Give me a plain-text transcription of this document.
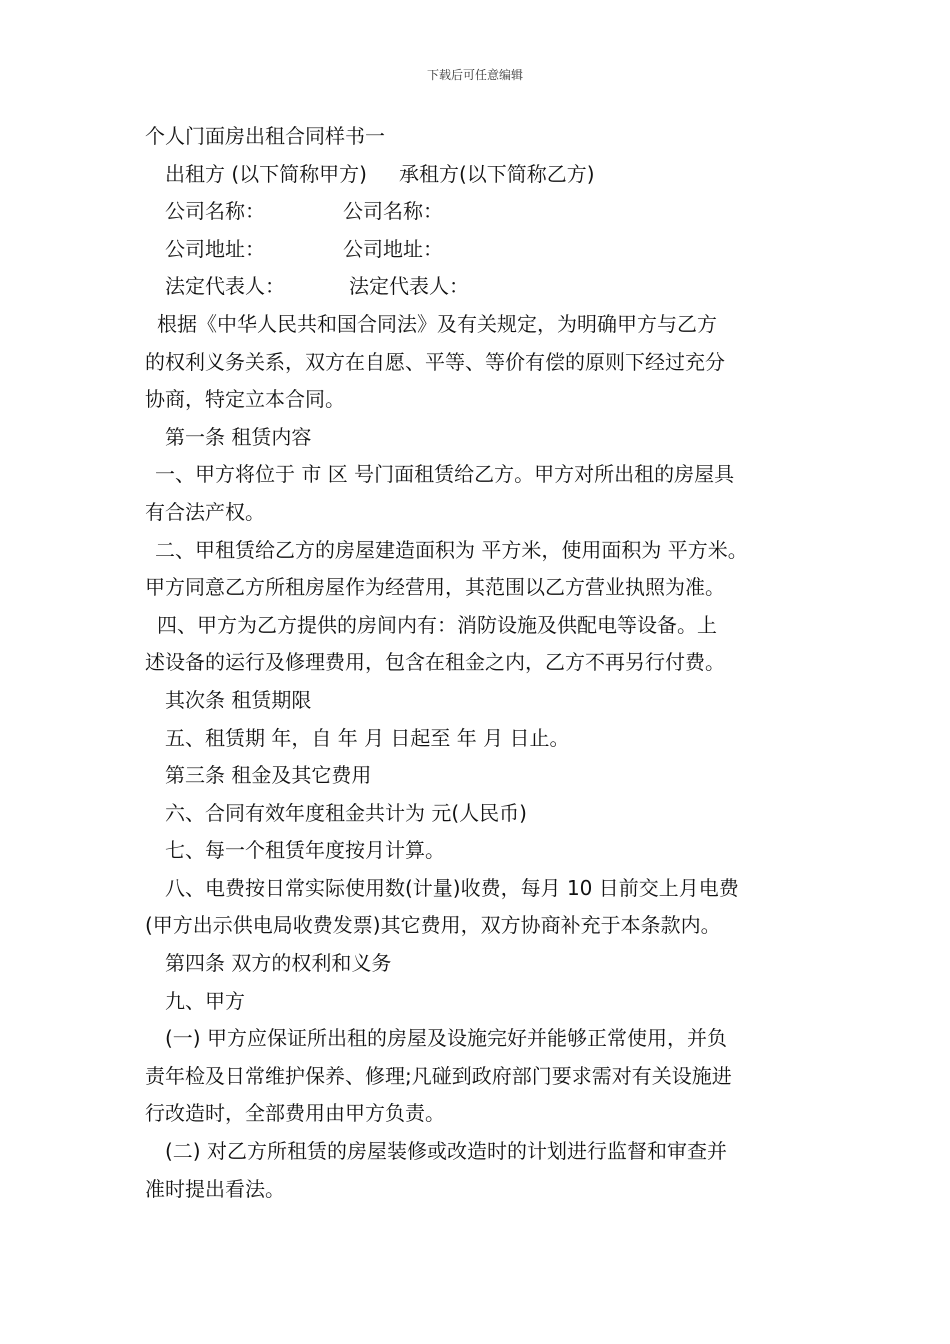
下载后可任意编辑
个人门面房出租合同样书一
出租方 (以下简称甲方) 承租方(以下简称乙方)
公司名称：	公司名称：
公司地址：	公司地址：
法定代表人：	法定代表人：
根据《中华人民共和国合同法》及有关规定，为明确甲方与乙方
的权利义务关系，双方在自愿、平等、等价有偿的原则下经过充分
协商，特定立本合同。
第一条 租赁内容
一、甲方将位于 市 区 号门面租赁给乙方。甲方对所出租的房屋具
有合法产权。
二、甲租赁给乙方的房屋建造面积为 平方米，使用面积为 平方米。
甲方同意乙方所租房屋作为经营用，其范围以乙方营业执照为准。
四、甲方为乙方提供的房间内有：消防设施及供配电等设备。上
述设备的运行及修理费用，包含在租金之内，乙方不再另行付费。
其次条 租赁期限
五、租赁期 年，自 年 月 日起至 年 月 日止。
第三条 租金及其它费用
六、合同有效年度租金共计为 元(人民币)
七、每一个租赁年度按月计算。
八、电费按日常实际使用数(计量)收费，每月 10 日前交上月电费
(甲方出示供电局收费发票)其它费用，双方协商补充于本条款内。
第四条 双方的权利和义务
九、甲方
(一) 甲方应保证所出租的房屋及设施完好并能够正常使用，并负
责年检及日常维护保养、修理;凡碰到政府部门要求需对有关设施进
行改造时，全部费用由甲方负责。
(二) 对乙方所租赁的房屋装修或改造时的计划进行监督和审查并
准时提出看法。
